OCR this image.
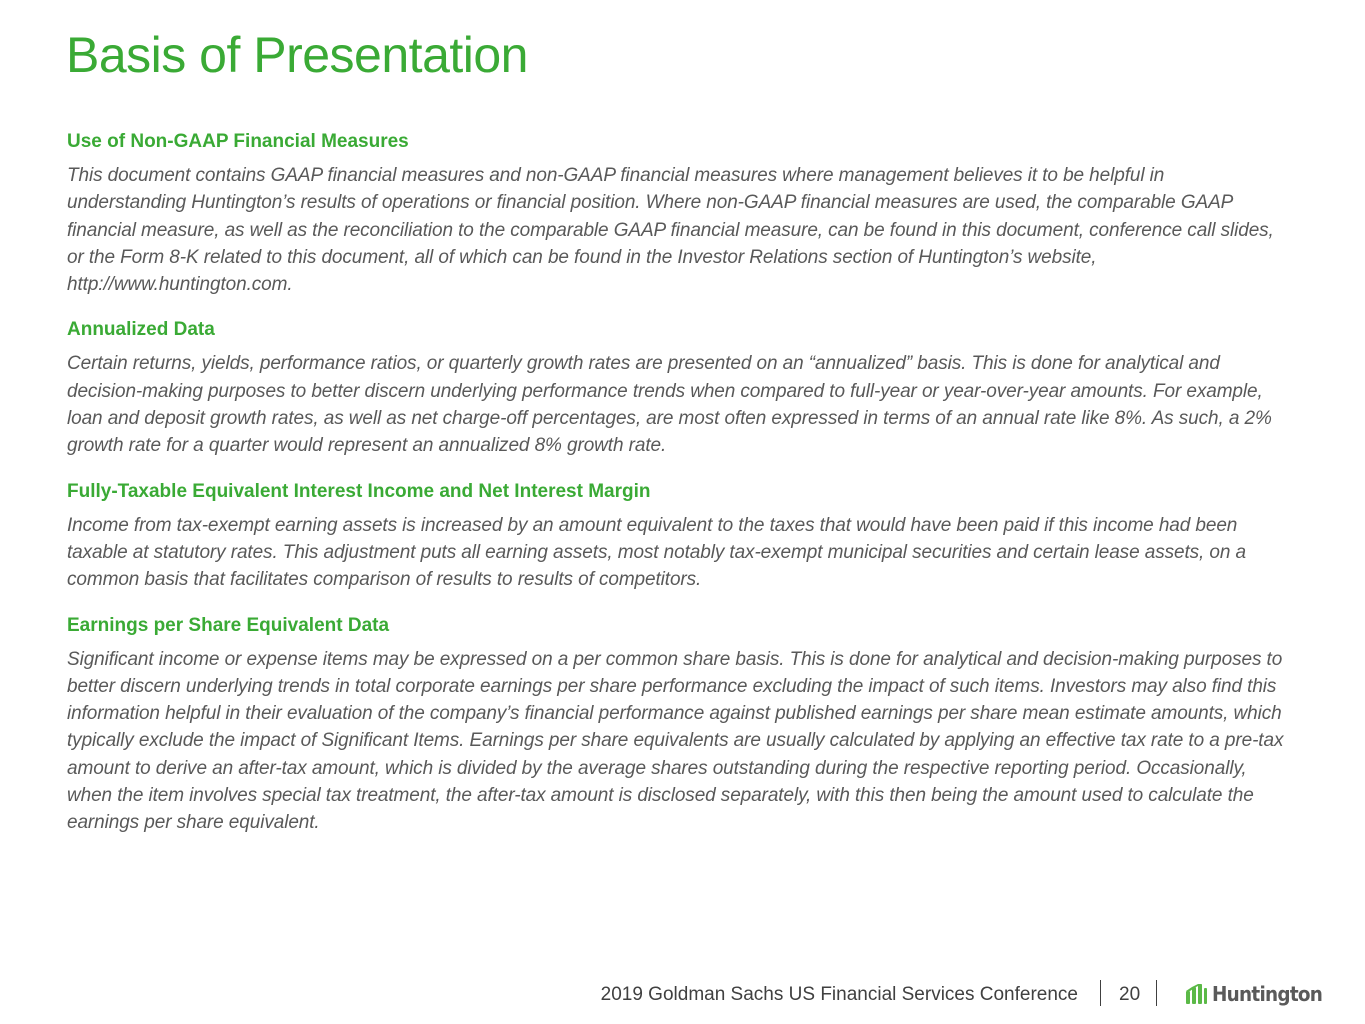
Basis of Presentation

Use of Non-GAAP Financial Measures

This document contains GAAP financial measures and non-GAAP financial measures where management believes it to be helpful in understanding Huntington’s results of operations or financial position. Where non-GAAP financial measures are used, the comparable GAAP financial measure, as well as the reconciliation to the comparable GAAP financial measure, can be found in this document, conference call slides, or the Form 8-K related to this document, all of which can be found in the Investor Relations section of Huntington’s website, http://www.huntington.com.

Annualized Data

Certain returns, yields, performance ratios, or quarterly growth rates are presented on an “annualized” basis. This is done for analytical and decision-making purposes to better discern underlying performance trends when compared to full-year or year-over-year amounts. For example, loan and deposit growth rates, as well as net charge-off percentages, are most often expressed in terms of an annual rate like 8%. As such, a 2% growth rate for a quarter would represent an annualized 8% growth rate.

Fully-Taxable Equivalent Interest Income and Net Interest Margin

Income from tax-exempt earning assets is increased by an amount equivalent to the taxes that would have been paid if this income had been taxable at statutory rates. This adjustment puts all earning assets, most notably tax-exempt municipal securities and certain lease assets, on a common basis that facilitates comparison of results to results of competitors.

Earnings per Share Equivalent Data

Significant income or expense items may be expressed on a per common share basis. This is done for analytical and decision-making purposes to better discern underlying trends in total corporate earnings per share performance excluding the impact of such items. Investors may also find this information helpful in their evaluation of the company’s financial performance against published earnings per share mean estimate amounts, which typically exclude the impact of Significant Items. Earnings per share equivalents are usually calculated by applying an effective tax rate to a pre-tax amount to derive an after-tax amount, which is divided by the average shares outstanding during the respective reporting period. Occasionally, when the item involves special tax treatment, the after-tax amount is disclosed separately, with this then being the amount used to calculate the earnings per share equivalent.

2019 Goldman Sachs US Financial Services Conference 20	Huntington
